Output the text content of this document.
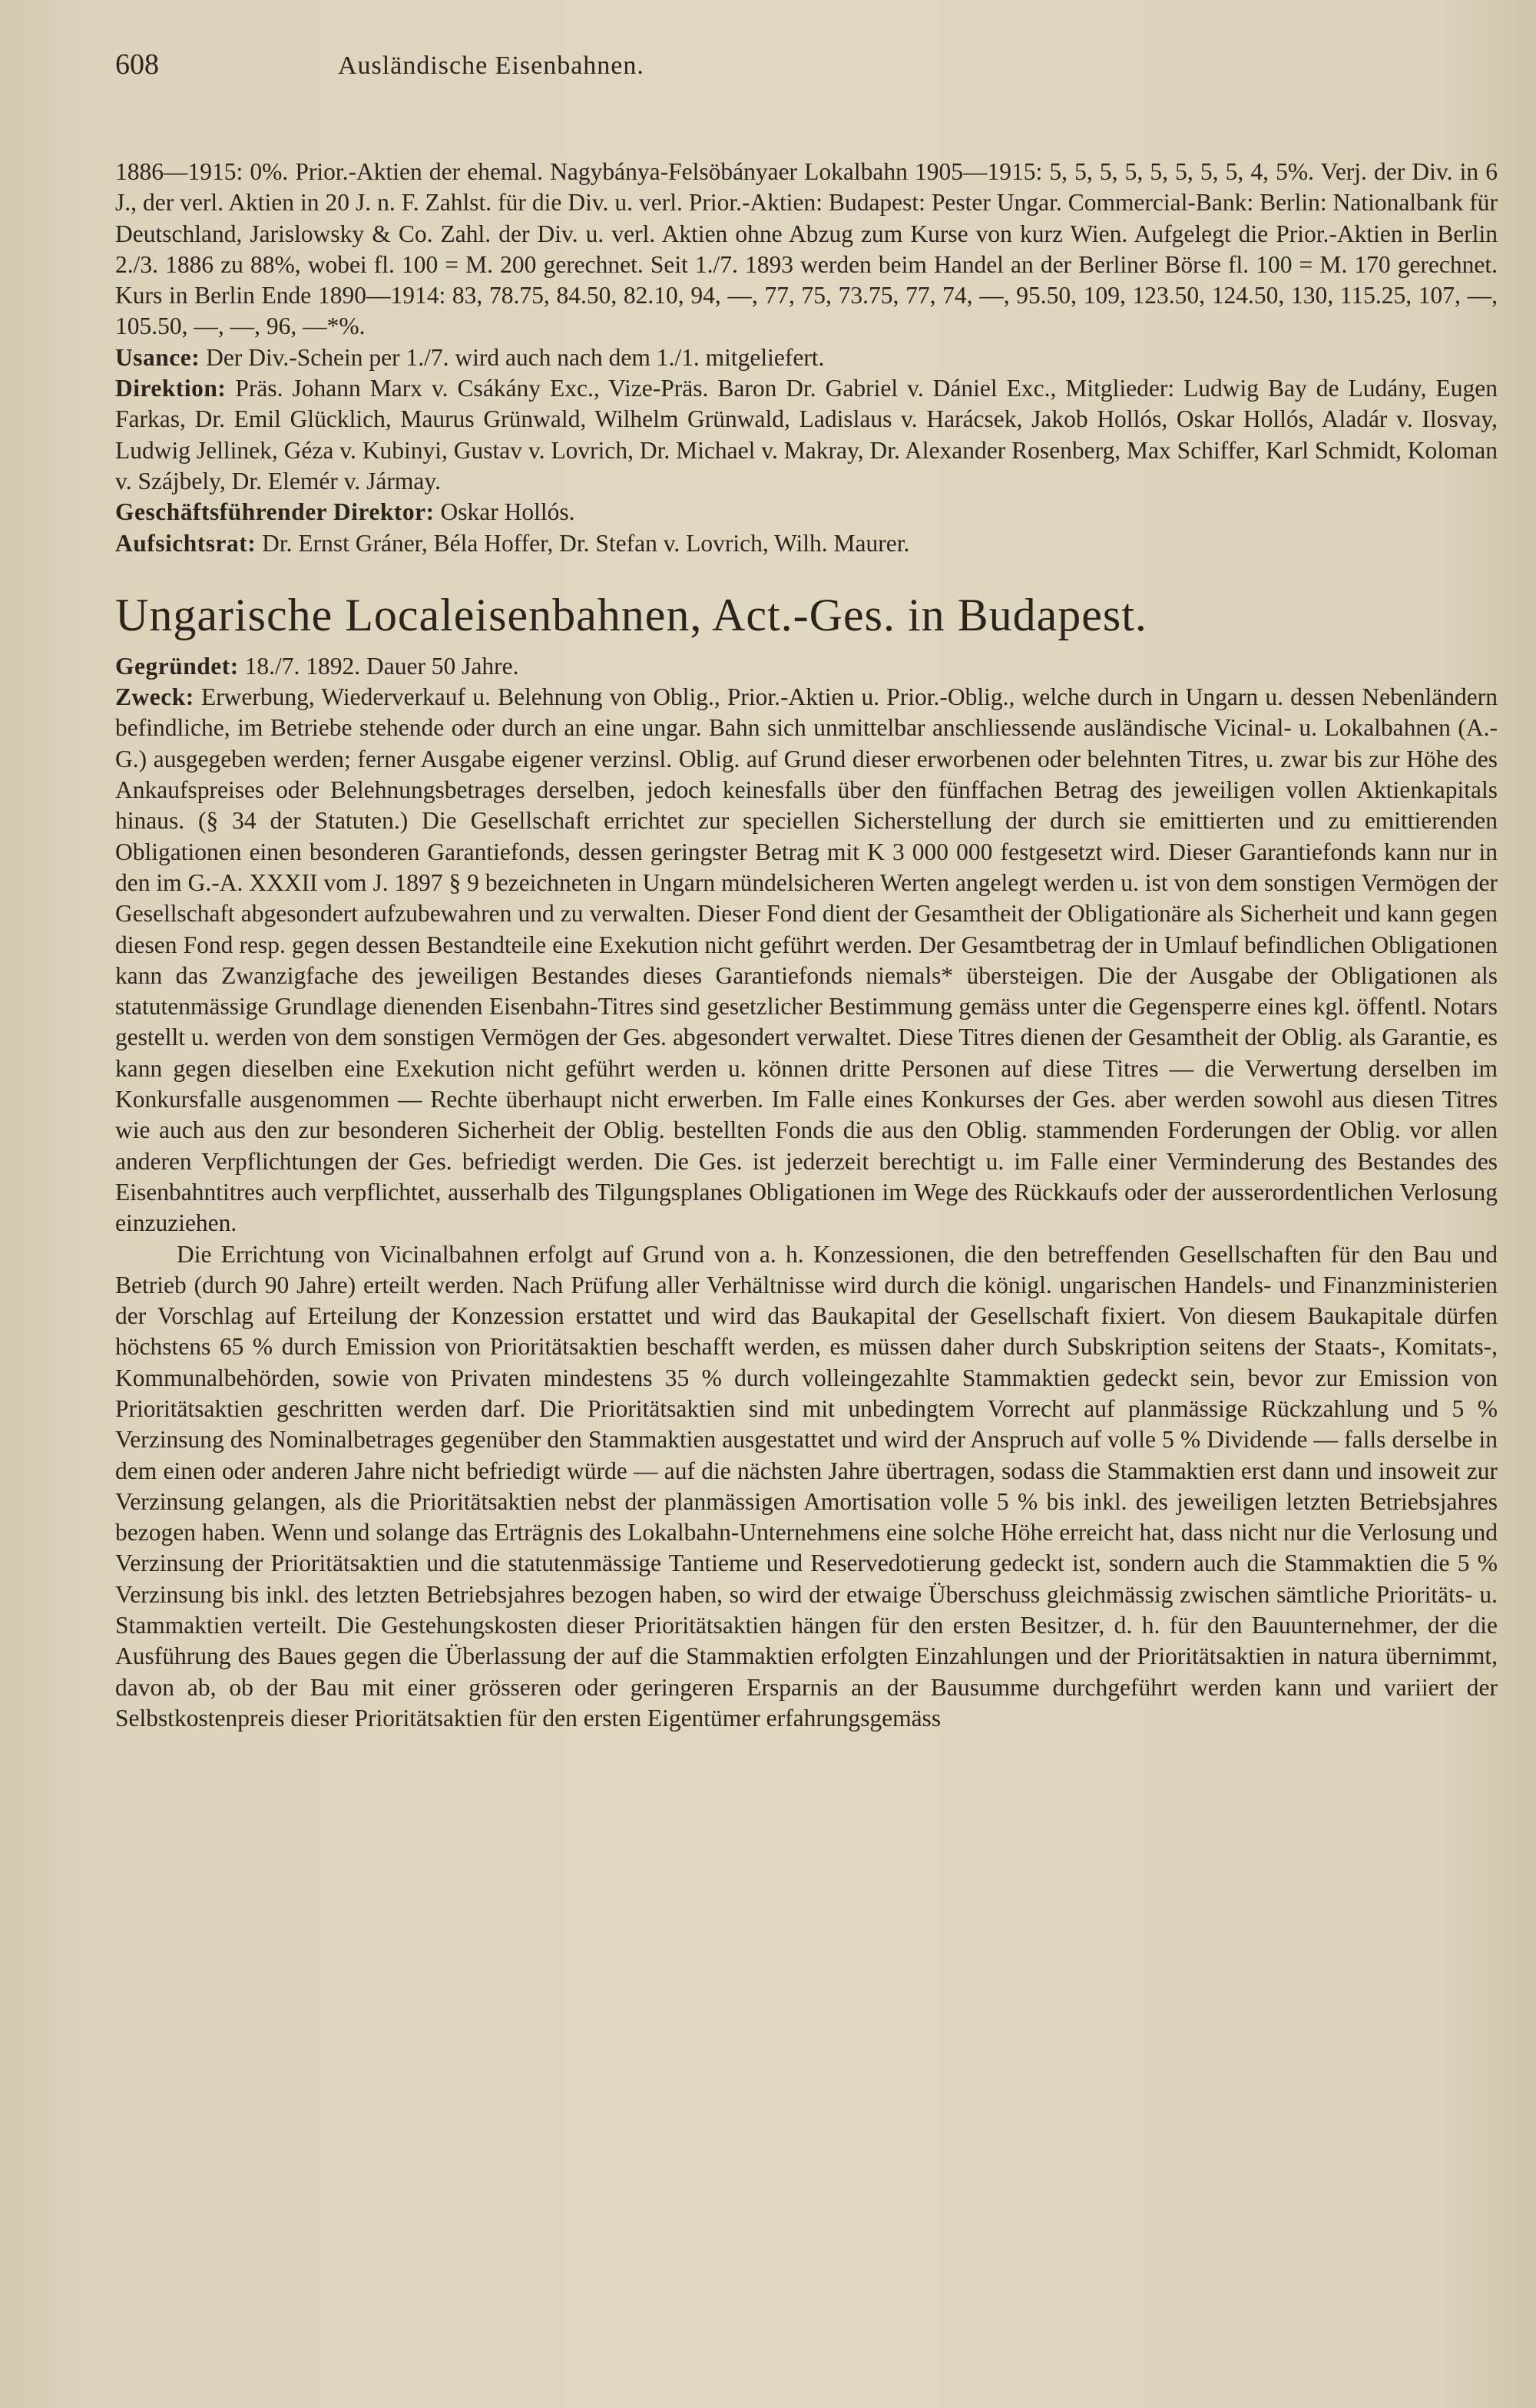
608	Ausländische Eisenbahnen.

1886—1915: 0%. Prior.-Aktien der ehemal. Nagybánya-Felsöbányaer Lokalbahn 1905—1915: 5, 5, 5, 5, 5, 5, 5, 5, 4, 5%. Verj. der Div. in 6 J., der verl. Aktien in 20 J. n. F. Zahlst. für die Div. u. verl. Prior.-Aktien: Budapest: Pester Ungar. Commercial-Bank: Berlin: Nationalbank für Deutschland, Jarislowsky & Co. Zahl. der Div. u. verl. Aktien ohne Abzug zum Kurse von kurz Wien. Aufgelegt die Prior.-Aktien in Berlin 2./3. 1886 zu 88%, wobei fl. 100 = M. 200 gerechnet. Seit 1./7. 1893 werden beim Handel an der Berliner Börse fl. 100 = M. 170 gerechnet. Kurs in Berlin Ende 1890—1914: 83, 78.75, 84.50, 82.10, 94, —, 77, 75, 73.75, 77, 74, —, 95.50, 109, 123.50, 124.50, 130, 115.25, 107, —, 105.50, —, —, 96, —*%.

Usance: Der Div.-Schein per 1./7. wird auch nach dem 1./1. mitgeliefert.

Direktion: Präs. Johann Marx v. Csákány Exc., Vize-Präs. Baron Dr. Gabriel v. Dániel Exc., Mitglieder: Ludwig Bay de Ludány, Eugen Farkas, Dr. Emil Glücklich, Maurus Grünwald, Wilhelm Grünwald, Ladislaus v. Harácsek, Jakob Hollós, Oskar Hollós, Aladár v. Ilosvay, Ludwig Jellinek, Géza v. Kubinyi, Gustav v. Lovrich, Dr. Michael v. Makray, Dr. Alexander Rosenberg, Max Schiffer, Karl Schmidt, Koloman v. Szájbely, Dr. Elemér v. Jármay.

Geschäftsführender Direktor: Oskar Hollós.

Aufsichtsrat: Dr. Ernst Gráner, Béla Hoffer, Dr. Stefan v. Lovrich, Wilh. Maurer.

Ungarische Localeisenbahnen, Act.-Ges. in Budapest.

Gegründet: 18./7. 1892. Dauer 50 Jahre.

Zweck: Erwerbung, Wiederverkauf u. Belehnung von Oblig., Prior.-Aktien u. Prior.-Oblig., welche durch in Ungarn u. dessen Nebenländern befindliche, im Betriebe stehende oder durch an eine ungar. Bahn sich unmittelbar anschliessende ausländische Vicinal- u. Lokalbahnen (A.-G.) ausgegeben werden; ferner Ausgabe eigener verzinsl. Oblig. auf Grund dieser erworbenen oder belehnten Titres, u. zwar bis zur Höhe des Ankaufspreises oder Belehnungsbetrages derselben, jedoch keinesfalls über den fünffachen Betrag des jeweiligen vollen Aktienkapitals hinaus. (§ 34 der Statuten.) Die Gesellschaft errichtet zur speciellen Sicherstellung der durch sie emittierten und zu emittierenden Obligationen einen besonderen Garantiefonds, dessen geringster Betrag mit K 3 000 000 festgesetzt wird. Dieser Garantiefonds kann nur in den im G.-A. XXXII vom J. 1897 § 9 bezeichneten in Ungarn mündelsicheren Werten angelegt werden u. ist von dem sonstigen Vermögen der Gesellschaft abgesondert aufzubewahren und zu verwalten. Dieser Fond dient der Gesamtheit der Obligationäre als Sicherheit und kann gegen diesen Fond resp. gegen dessen Bestandteile eine Exekution nicht geführt werden. Der Gesamtbetrag der in Umlauf befindlichen Obligationen kann das Zwanzigfache des jeweiligen Bestandes dieses Garantiefonds niemals* übersteigen. Die der Ausgabe der Obligationen als statutenmässige Grundlage dienenden Eisenbahn-Titres sind gesetzlicher Bestimmung gemäss unter die Gegensperre eines kgl. öffentl. Notars gestellt u. werden von dem sonstigen Vermögen der Ges. abgesondert verwaltet. Diese Titres dienen der Gesamtheit der Oblig. als Garantie, es kann gegen dieselben eine Exekution nicht geführt werden u. können dritte Personen auf diese Titres — die Verwertung derselben im Konkursfalle ausgenommen — Rechte überhaupt nicht erwerben. Im Falle eines Konkurses der Ges. aber werden sowohl aus diesen Titres wie auch aus den zur besonderen Sicherheit der Oblig. bestellten Fonds die aus den Oblig. stammenden Forderungen der Oblig. vor allen anderen Verpflichtungen der Ges. befriedigt werden. Die Ges. ist jederzeit berechtigt u. im Falle einer Verminderung des Bestandes des Eisenbahntitres auch verpflichtet, ausserhalb des Tilgungsplanes Obligationen im Wege des Rückkaufs oder der ausserordentlichen Verlosung einzuziehen.

Die Errichtung von Vicinalbahnen erfolgt auf Grund von a. h. Konzessionen, die den betreffenden Gesellschaften für den Bau und Betrieb (durch 90 Jahre) erteilt werden. Nach Prüfung aller Verhältnisse wird durch die königl. ungarischen Handels- und Finanzministerien der Vorschlag auf Erteilung der Konzession erstattet und wird das Baukapital der Gesellschaft fixiert. Von diesem Baukapitale dürfen höchstens 65 % durch Emission von Prioritätsaktien beschafft werden, es müssen daher durch Subskription seitens der Staats-, Komitats-, Kommunalbehörden, sowie von Privaten mindestens 35 % durch volleingezahlte Stammaktien gedeckt sein, bevor zur Emission von Prioritätsaktien geschritten werden darf. Die Prioritätsaktien sind mit unbedingtem Vorrecht auf planmässige Rückzahlung und 5 % Verzinsung des Nominalbetrages gegenüber den Stammaktien ausgestattet und wird der Anspruch auf volle 5 % Dividende — falls derselbe in dem einen oder anderen Jahre nicht befriedigt würde — auf die nächsten Jahre übertragen, sodass die Stammaktien erst dann und insoweit zur Verzinsung gelangen, als die Prioritätsaktien nebst der planmässigen Amortisation volle 5 % bis inkl. des jeweiligen letzten Betriebsjahres bezogen haben. Wenn und solange das Erträgnis des Lokalbahn-Unternehmens eine solche Höhe erreicht hat, dass nicht nur die Verlosung und Verzinsung der Prioritätsaktien und die statutenmässige Tantieme und Reservedotierung gedeckt ist, sondern auch die Stammaktien die 5 % Verzinsung bis inkl. des letzten Betriebsjahres bezogen haben, so wird der etwaige Überschuss gleichmässig zwischen sämtliche Prioritäts- u. Stammaktien verteilt. Die Gestehungskosten dieser Prioritätsaktien hängen für den ersten Besitzer, d. h. für den Bauunternehmer, der die Ausführung des Baues gegen die Überlassung der auf die Stammaktien erfolgten Einzahlungen und der Prioritätsaktien in natura übernimmt, davon ab, ob der Bau mit einer grösseren oder geringeren Ersparnis an der Bausumme durchgeführt werden kann und variiert der Selbstkostenpreis dieser Prioritätsaktien für den ersten Eigentümer erfahrungsgemäss
